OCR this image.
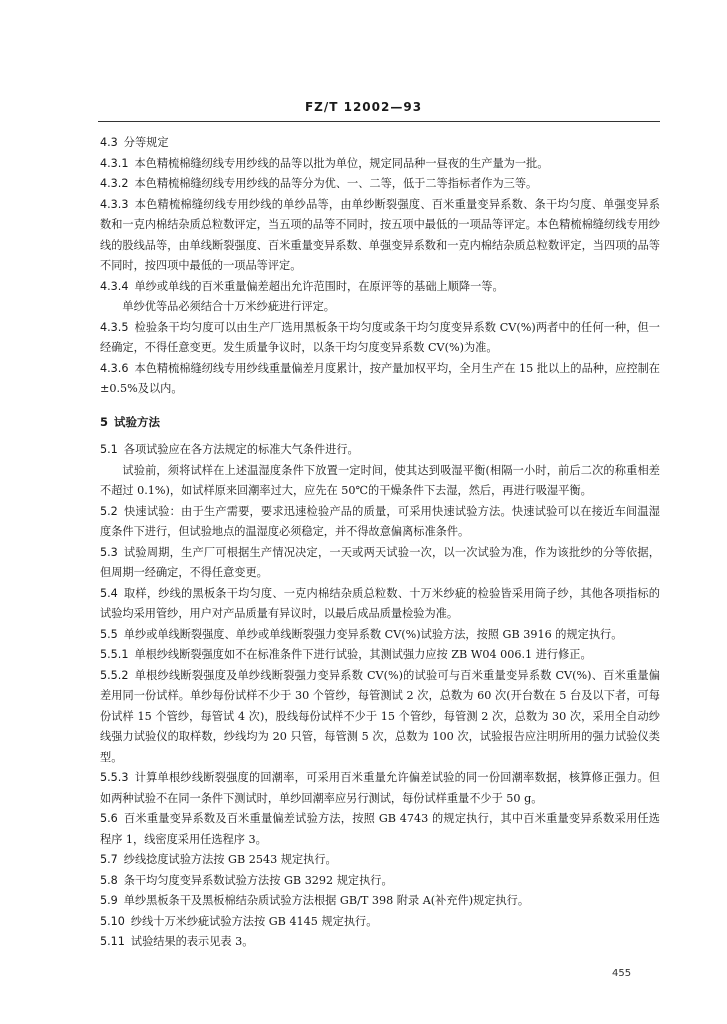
FZ/T 12002—93

4.3 分等规定

4.3.1 本色精梳棉缝纫线专用纱线的品等以批为单位，规定同品种一昼夜的生产量为一批。

4.3.2 本色精梳棉缝纫线专用纱线的品等分为优、一、二等，低于二等指标者作为三等。

4.3.3 本色精梳棉缝纫线专用纱线的单纱品等，由单纱断裂强度、百米重量变异系数、条干均匀度、单强变异系数和一克内棉结杂质总粒数评定，当五项的品等不同时，按五项中最低的一项品等评定。本色精梳棉缝纫线专用纱线的股线品等，由单线断裂强度、百米重量变异系数、单强变异系数和一克内棉结杂质总粒数评定，当四项的品等不同时，按四项中最低的一项品等评定。

4.3.4 单纱或单线的百米重量偏差超出允许范围时，在原评等的基础上顺降一等。

单纱优等品必须结合十万米纱疵进行评定。

4.3.5 检验条干均匀度可以由生产厂选用黑板条干均匀度或条干均匀度变异系数 CV(%)两者中的任何一种，但一经确定，不得任意变更。发生质量争议时，以条干均匀度变异系数 CV(%)为准。

4.3.6 本色精梳棉缝纫线专用纱线重量偏差月度累计，按产量加权平均，全月生产在 15 批以上的品种，应控制在±0.5%及以内。

5 试验方法

5.1 各项试验应在各方法规定的标准大气条件进行。

试验前，须将试样在上述温湿度条件下放置一定时间，使其达到吸湿平衡(相隔一小时，前后二次的称重相差不超过 0.1%)，如试样原来回潮率过大，应先在 50℃的干燥条件下去湿，然后，再进行吸湿平衡。

5.2 快速试验：由于生产需要，要求迅速检验产品的质量，可采用快速试验方法。快速试验可以在接近车间温湿度条件下进行，但试验地点的温湿度必须稳定，并不得故意偏离标准条件。

5.3 试验周期，生产厂可根据生产情况决定，一天或两天试验一次，以一次试验为准，作为该批纱的分等依据，但周期一经确定，不得任意变更。

5.4 取样，纱线的黑板条干均匀度、一克内棉结杂质总粒数、十万米纱疵的检验皆采用筒子纱，其他各项指标的试验均采用管纱，用户对产品质量有异议时，以最后成品质量检验为准。

5.5 单纱或单线断裂强度、单纱或单线断裂强力变异系数 CV(%)试验方法，按照 GB 3916 的规定执行。

5.5.1 单根纱线断裂强度如不在标准条件下进行试验，其测试强力应按 ZB W04 006.1 进行修正。

5.5.2 单根纱线断裂强度及单纱线断裂强力变异系数 CV(%)的试验可与百米重量变异系数 CV(%)、百米重量偏差用同一份试样。单纱每份试样不少于 30 个管纱，每管测试 2 次，总数为 60 次(开台数在 5 台及以下者，可每份试样 15 个管纱，每管试 4 次)，股线每份试样不少于 15 个管纱，每管测 2 次，总数为 30 次，采用全自动纱线强力试验仪的取样数，纱线均为 20 只管，每管测 5 次，总数为 100 次，试验报告应注明所用的强力试验仪类型。

5.5.3 计算单根纱线断裂强度的回潮率，可采用百米重量允许偏差试验的同一份回潮率数据，核算修正强力。但如两种试验不在同一条件下测试时，单纱回潮率应另行测试，每份试样重量不少于 50 g。

5.6 百米重量变异系数及百米重量偏差试验方法，按照 GB 4743 的规定执行，其中百米重量变异系数采用任选程序 1，线密度采用任选程序 3。

5.7 纱线捻度试验方法按 GB 2543 规定执行。

5.8 条干均匀度变异系数试验方法按 GB 3292 规定执行。

5.9 单纱黑板条干及黑板棉结杂质试验方法根据 GB/T 398 附录 A(补充件)规定执行。

5.10 纱线十万米纱疵试验方法按 GB 4145 规定执行。

5.11 试验结果的表示见表 3。

455
